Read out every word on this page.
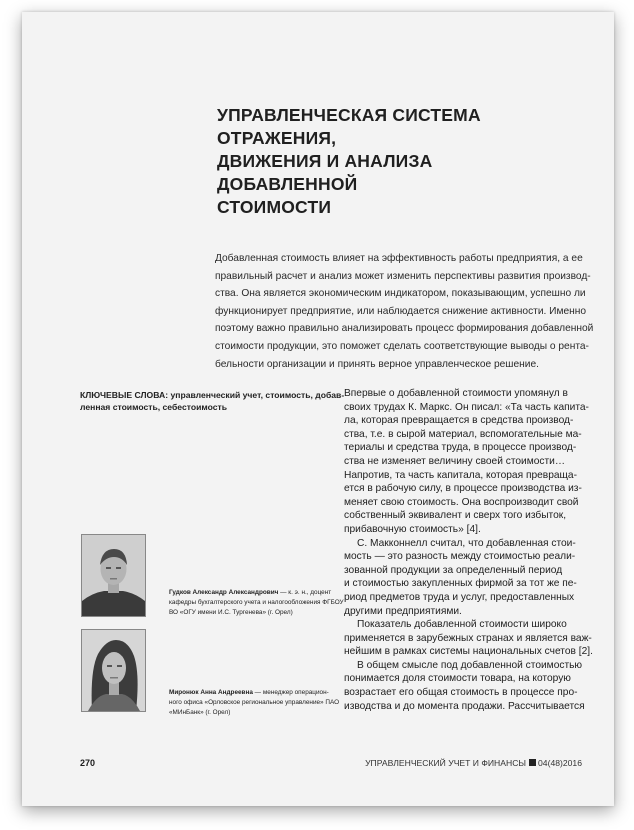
УПРАВЛЕНЧЕСКАЯ СИСТЕМА ОТРАЖЕНИЯ,
ДВИЖЕНИЯ И АНАЛИЗА ДОБАВЛЕННОЙ
СТОИМОСТИ
Добавленная стоимость влияет на эффективность работы предприятия, а ее
правильный расчет и анализ может изменить перспективы развития производ-
ства. Она является экономическим индикатором, показывающим, успешно ли
функционирует предприятие, или наблюдается снижение активности. Именно
поэтому важно правильно анализировать процесс формирования добавленной
стоимости продукции, это поможет сделать соответствующие выводы о рента-
бельности организации и принять верное управленческое решение.
КЛЮЧЕВЫЕ СЛОВА: управленческий учет, стоимость, добав-
ленная стоимость, себестоимость
Гудков Александр Александрович — к. э. н., доцент
кафедры бухгалтерского учета и налогообложения ФГБОУ
ВО «ОГУ имени И.С. Тургенева» (г. Орел)
Миронюк Анна Андреевна — менеджер операцион-
ного офиса «Орловское региональное управление» ПАО
«МИнБанк» (г. Орел)
Впервые о добавленной стоимости упомянул в
своих трудах К. Маркс. Он писал: «Та часть капита-
ла, которая превращается в средства производ-
ства, т.е. в сырой материал, вспомогательные ма-
териалы и средства труда, в процессе производ-
ства не изменяет величину своей стоимости…
Напротив, та часть капитала, которая превраща-
ется в рабочую силу, в процессе производства из-
меняет свою стоимость. Она воспроизводит свой
собственный эквивалент и сверх того избыток,
прибавочную стоимость» [4].
С. Макконнелл считал, что добавленная стои-
мость — это разность между стоимостью реали-
зованной продукции за определенный период
и стоимостью закупленных фирмой за тот же пе-
риод предметов труда и услуг, предоставленных
другими предприятиями.
Показатель добавленной стоимости широко
применяется в зарубежных странах и является важ-
нейшим в рамках системы национальных счетов [2].
В общем смысле под добавленной стоимостью
понимается доля стоимости товара, на которую
возрастает его общая стоимость в процессе про-
изводства и до момента продажи. Рассчитывается
270	УПРАВЛЕНЧЕСКИЙ УЧЕТ И ФИНАНСЫ 04(48)2016
